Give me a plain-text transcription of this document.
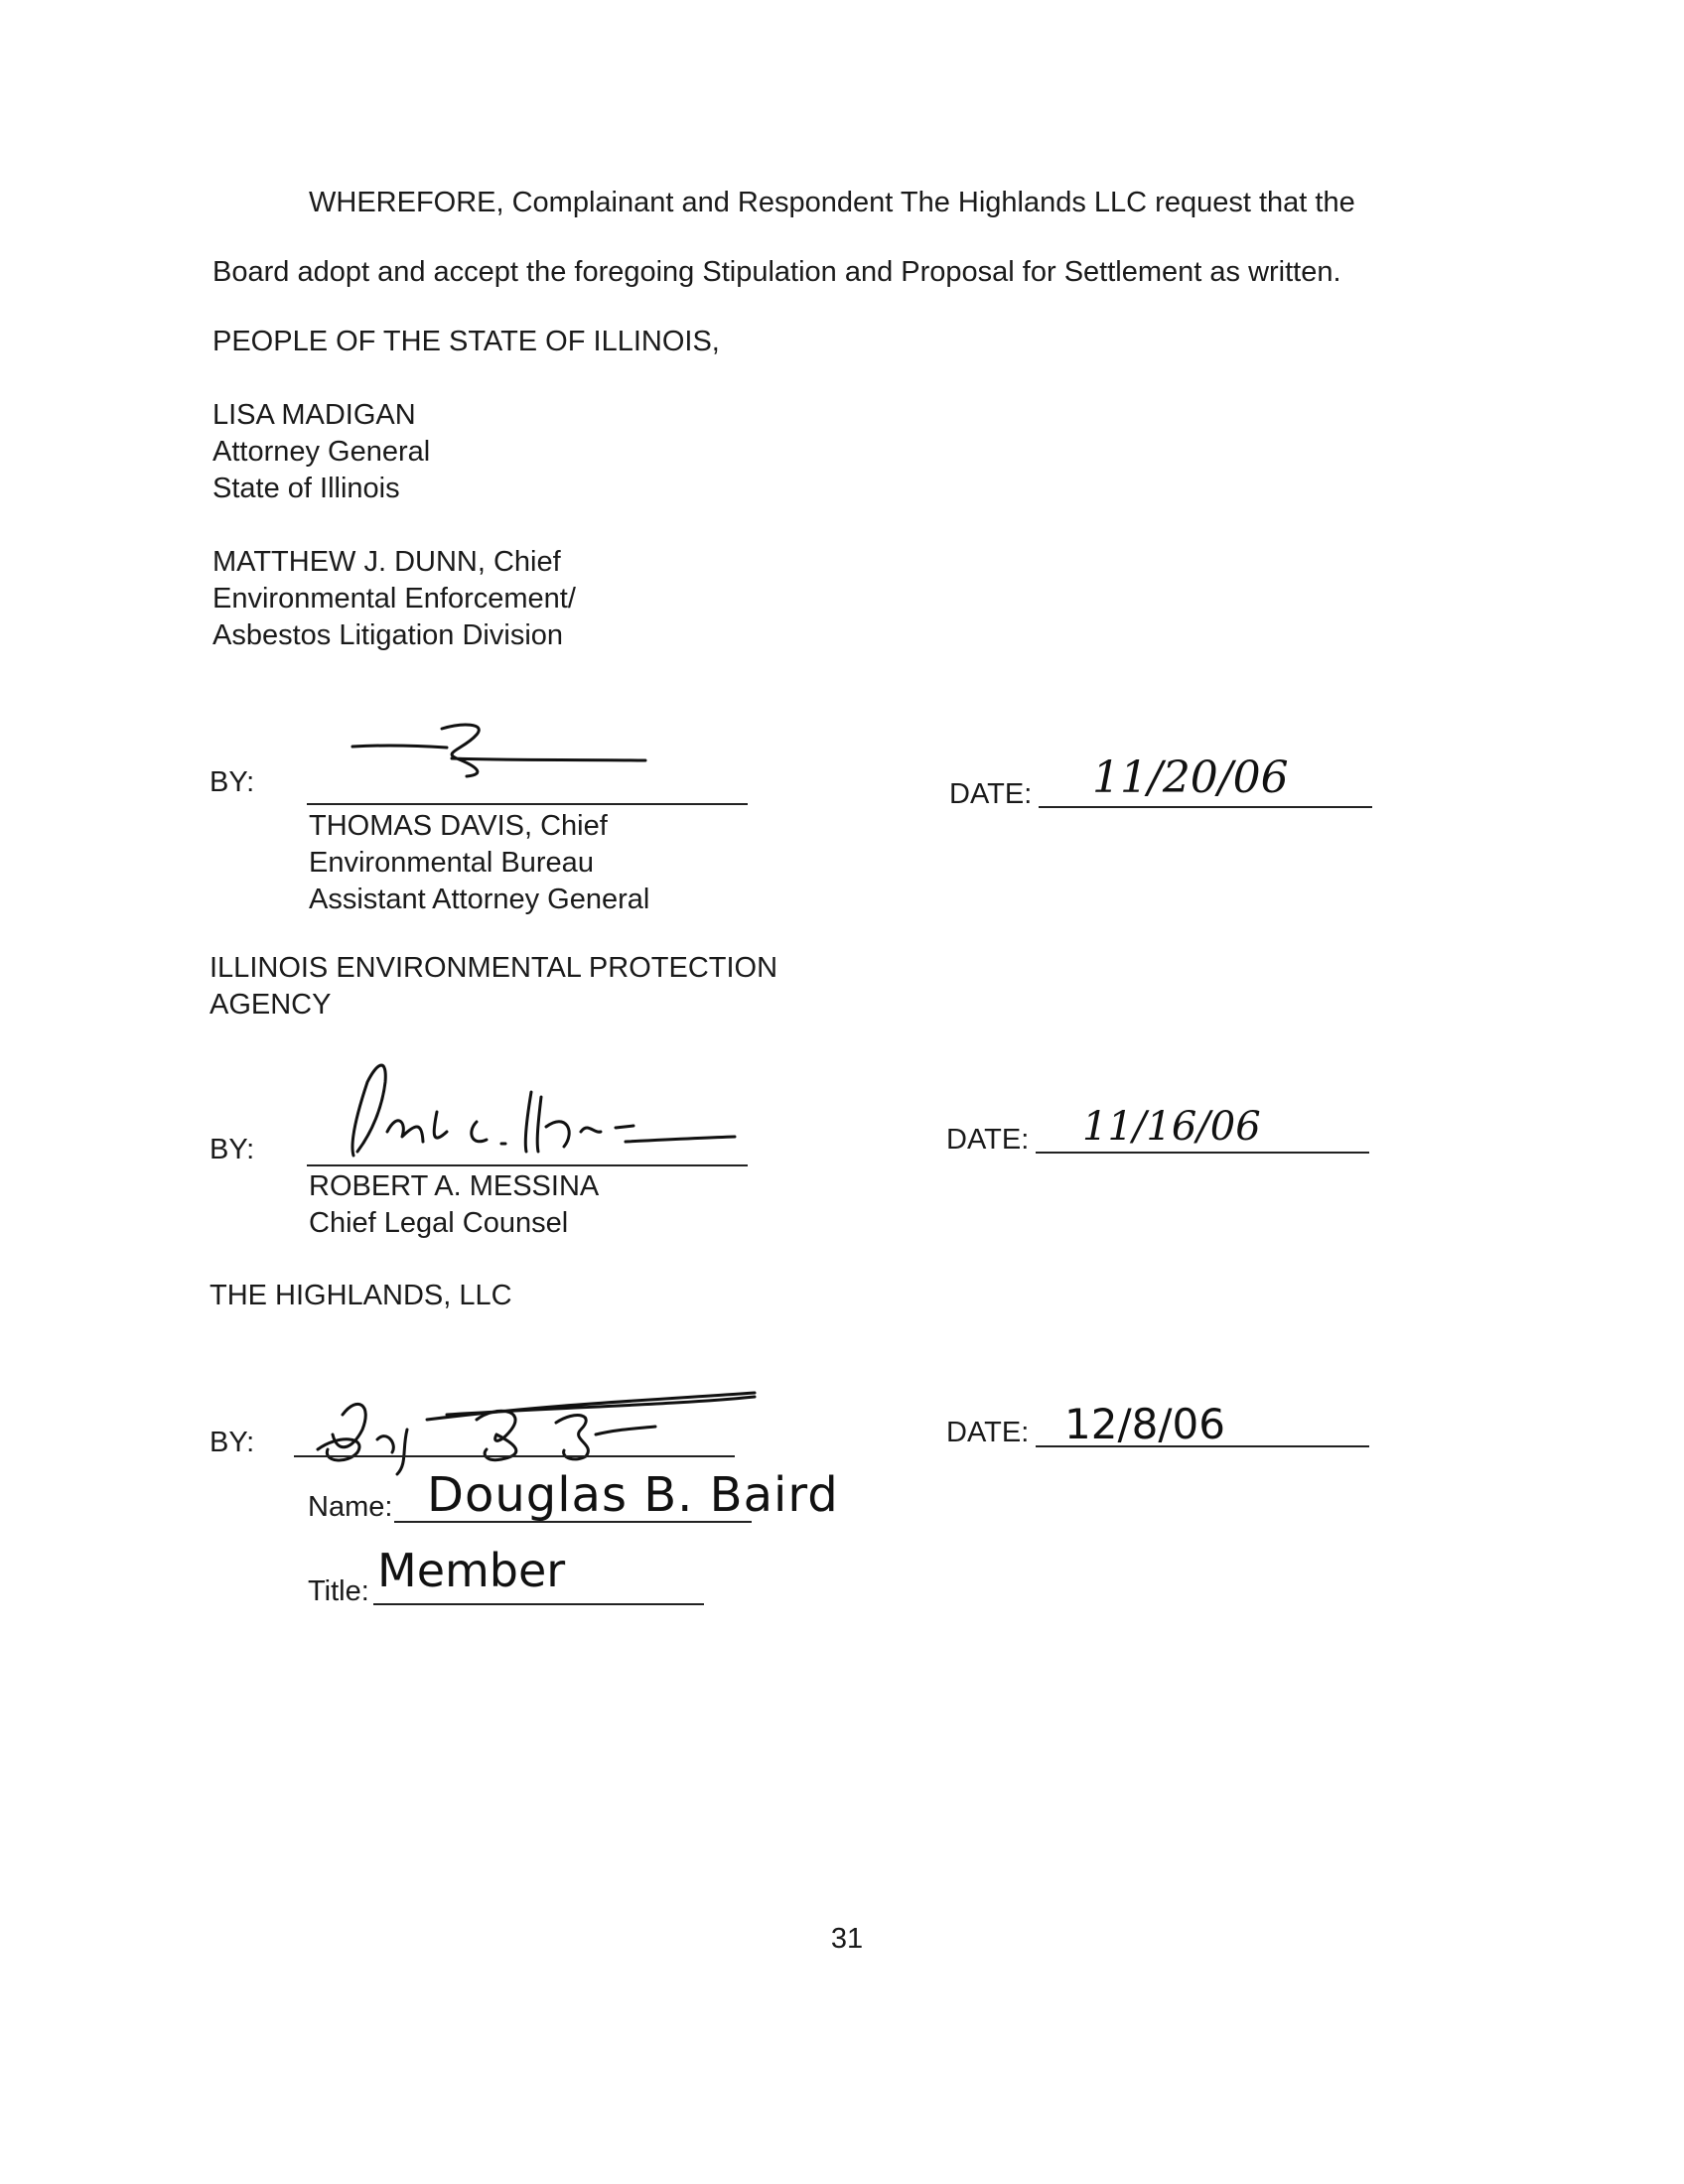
WHEREFORE, Complainant and Respondent The Highlands LLC request that the
Board adopt and accept the foregoing Stipulation and Proposal for Settlement as written.
PEOPLE OF THE STATE OF ILLINOIS,
LISA MADIGAN
Attorney General
State of Illinois
MATTHEW J. DUNN, Chief
Environmental Enforcement/
Asbestos Litigation Division
BY:
THOMAS DAVIS, Chief
Environmental Bureau
Assistant Attorney General
DATE: 11/20/06
ILLINOIS ENVIRONMENTAL PROTECTION
AGENCY
BY:
ROBERT A. MESSINA
Chief Legal Counsel
DATE: 11/16/06
THE HIGHLANDS, LLC
BY:
Name: Douglas B. Baird
Title: Member
DATE: 12/8/06
31
